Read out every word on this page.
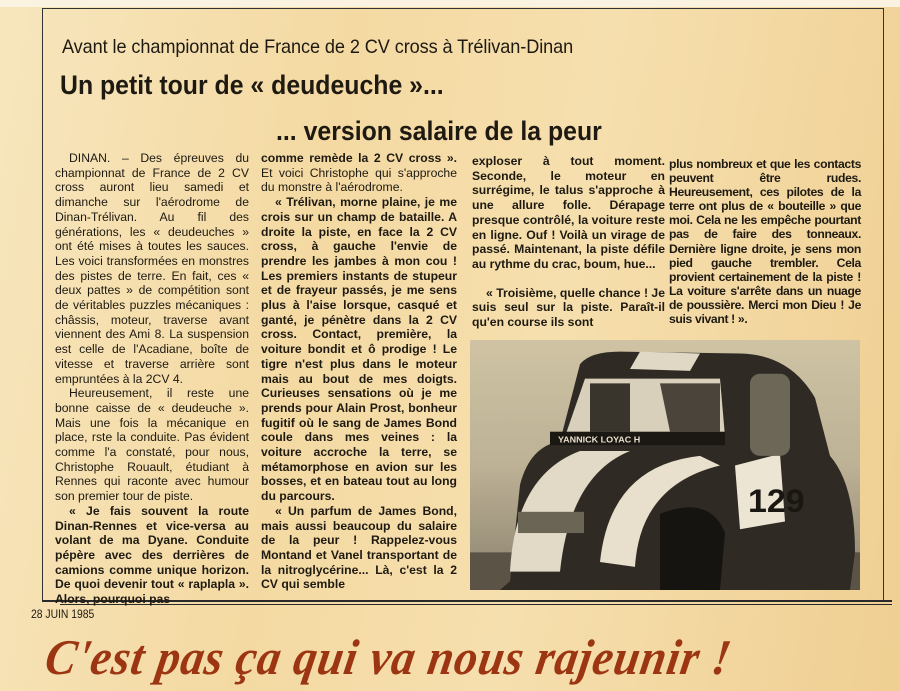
Avant le championnat de France de 2 CV cross à Trélivan-Dinan
Un petit tour de « deudeuche »...
... version salaire de la peur

DINAN. – Des épreuves du championnat de France de 2 CV cross auront lieu samedi et dimanche sur l'aérodrome de Dinan-Trélivan. Au fil des générations, les « deudeuches » ont été mises à toutes les sauces. Les voici transformées en monstres des pistes de terre. En fait, ces « deux pattes » de compétition sont de véritables puzzles mécaniques : châssis, moteur, traverse avant viennent des Ami 8. La suspension est celle de l'Acadiane, boîte de vitesse et traverse arrière sont empruntées à la 2CV 4.

Heureusement, il reste une bonne caisse de « deudeuche ». Mais une fois la mécanique en place, rste la conduite. Pas évident comme l'a constaté, pour nous, Christophe Rouault, étudiant à Rennes qui raconte avec humour son premier tour de piste.

« Je fais souvent la route Dinan-Rennes et vice-versa au volant de ma Dyane. Conduite pépère avec des derrières de camions comme unique horizon. De quoi devenir tout « raplapla ». Alors, pourquoi pas

comme remède la 2 CV cross ». Et voici Christophe qui s'approche du monstre à l'aérodrome.

« Trélivan, morne plaine, je me crois sur un champ de bataille. A droite la piste, en face la 2 CV cross, à gauche l'envie de prendre les jambes à mon cou ! Les premiers instants de stupeur et de frayeur passés, je me sens plus à l'aise lorsque, casqué et ganté, je pénètre dans la 2 CV cross. Contact, première, la voiture bondit et ô prodige ! Le tigre n'est plus dans le moteur mais au bout de mes doigts. Curieuses sensations où je me prends pour Alain Prost, bonheur fugitif où le sang de James Bond coule dans mes veines : la voiture accroche la terre, se métamorphose en avion sur les bosses, et en bateau tout au long du parcours.

« Un parfum de James Bond, mais aussi beaucoup du salaire de la peur ! Rappelez-vous Montand et Vanel transportant de la nitroglycérine... Là, c'est la 2 CV qui semble

exploser à tout moment. Seconde, le moteur en surrégime, le talus s'approche à une allure folle. Dérapage presque contrôlé, la voiture reste en ligne. Ouf ! Voilà un virage de passé. Maintenant, la piste défile au rythme du crac, boum, hue...

« Troisième, quelle chance ! Je suis seul sur la piste. Paraît-il qu'en course ils sont

plus nombreux et que les contacts peuvent être rudes. Heureusement, ces pilotes de la terre ont plus de « bouteille » que moi. Cela ne les empêche pourtant pas de faire des tonneaux. Dernière ligne droite, je sens mon pied gauche trembler. Cela provient certainement de la piste ! La voiture s'arrête dans un nuage de poussière. Merci mon Dieu ! Je suis vivant ! ».

129
YANNICK LOYAC H
28 JUIN 1985
C'est pas ça qui va nous rajeunir !
